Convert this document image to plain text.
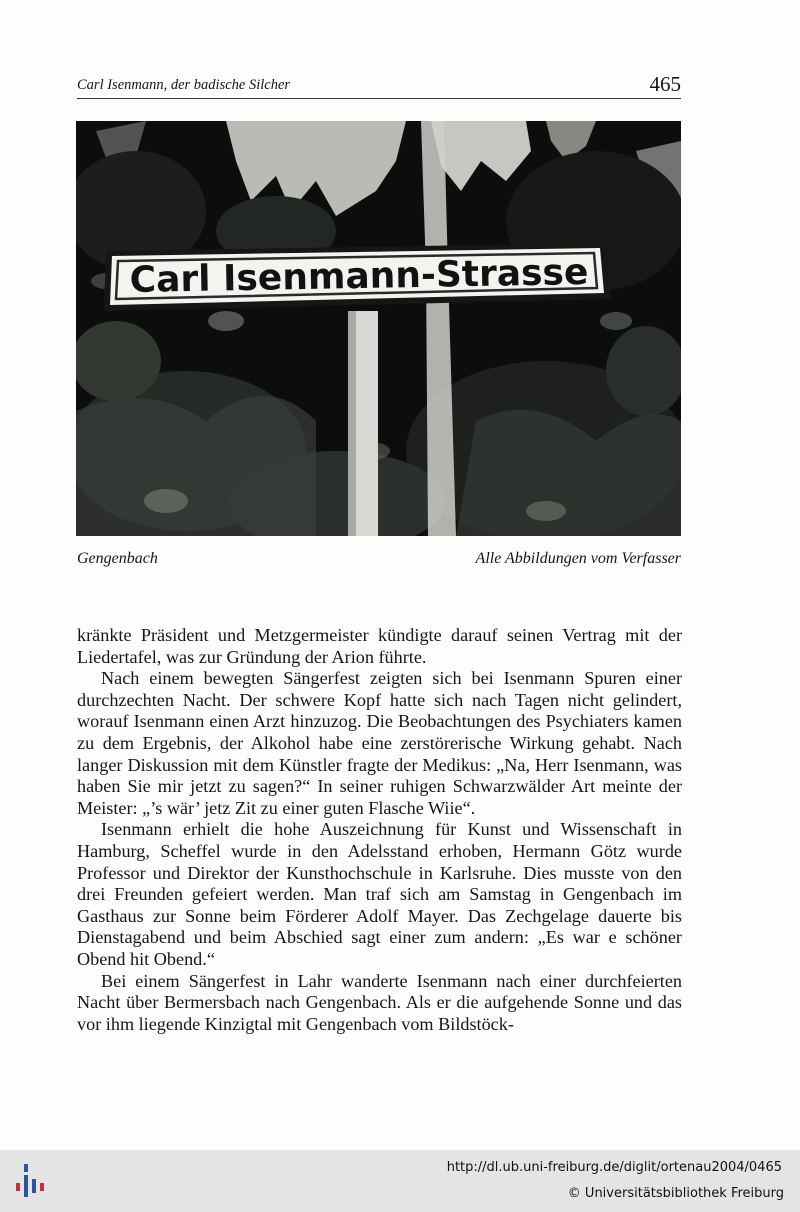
Carl Isenmann, der badische Silcher	465
Carl Isenmann-Strasse
Gengenbach	Alle Abbildungen vom Verfasser

kränkte Präsident und Metzgermeister kündigte darauf seinen Vertrag mit der Liedertafel, was zur Gründung der Arion führte.

Nach einem bewegten Sängerfest zeigten sich bei Isenmann Spuren einer durchzechten Nacht. Der schwere Kopf hatte sich nach Tagen nicht gelindert, worauf Isenmann einen Arzt hinzuzog. Die Beobachtungen des Psychiaters kamen zu dem Ergebnis, der Alkohol habe eine zerstörerische Wirkung gehabt. Nach langer Diskussion mit dem Künstler fragte der Medikus: „Na, Herr Isenmann, was haben Sie mir jetzt zu sagen?“ In seiner ruhigen Schwarzwälder Art meinte der Meister: „’s wär’ jetz Zit zu einer guten Flasche Wiie“.

Isenmann erhielt die hohe Auszeichnung für Kunst und Wissenschaft in Hamburg, Scheffel wurde in den Adelsstand erhoben, Hermann Götz wurde Professor und Direktor der Kunsthochschule in Karlsruhe. Dies musste von den drei Freunden gefeiert werden. Man traf sich am Samstag in Gengenbach im Gasthaus zur Sonne beim Förderer Adolf Mayer. Das Zechgelage dauerte bis Dienstagabend und beim Abschied sagt einer zum andern: „Es war e schöner Obend hit Obend.“

Bei einem Sängerfest in Lahr wanderte Isenmann nach einer durchfeierten Nacht über Bermersbach nach Gengenbach. Als er die aufgehende Sonne und das vor ihm liegende Kinzigtal mit Gengenbach vom Bildstöck-

http://dl.ub.uni-freiburg.de/diglit/ortenau2004/0465
© Universitätsbibliothek Freiburg
